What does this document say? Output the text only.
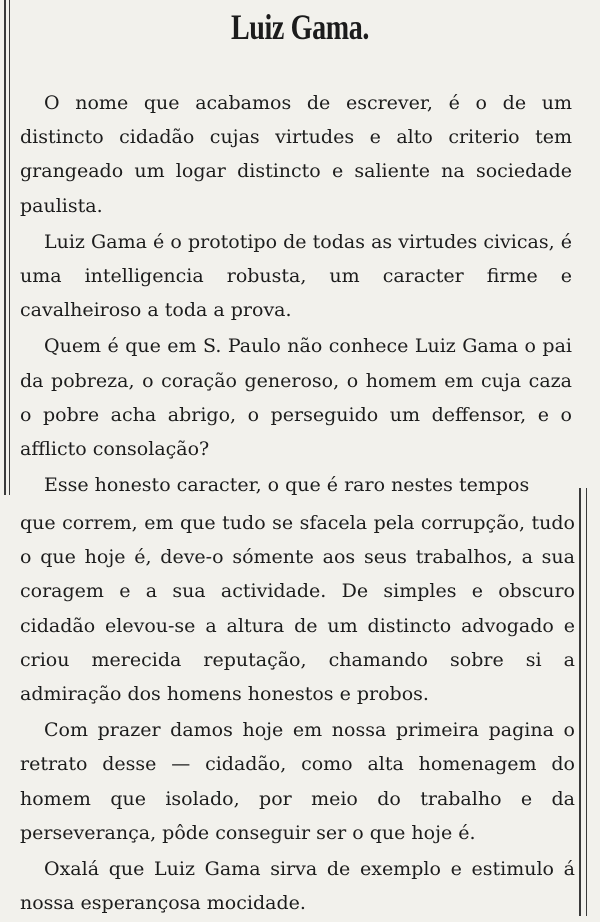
Luiz Gama.

O nome que acabamos de escrever, é o de um distincto cidadão cujas virtudes e alto criterio tem grangeado um logar distincto e saliente na sociedade paulista.

Luiz Gama é o prototipo de todas as virtudes civicas, é uma intelligencia robusta, um caracter firme e cavalheiroso a toda a prova.

Quem é que em S. Paulo não conhece Luiz Gama o pai da pobreza, o coração generoso, o homem em cuja caza o pobre acha abrigo, o perseguido um deffensor, e o afflicto consolação?

Esse honesto caracter, o que é raro nestes tempos

que correm, em que tudo se sfacela pela corrupção, tudo o que hoje é, deve-o sómente aos seus trabalhos, a sua coragem e a sua actividade. De simples e obscuro cidadão elevou-se a altura de um distincto advogado e criou merecida reputação, chamando sobre si a admiração dos homens honestos e probos.

Com prazer damos hoje em nossa primeira pagina o retrato desse — cidadão, como alta homenagem do homem que isolado, por meio do trabalho e da perseverança, pôde conseguir ser o que hoje é.

Oxalá que Luiz Gama sirva de exemplo e estimulo á nossa esperançosa mocidade.
